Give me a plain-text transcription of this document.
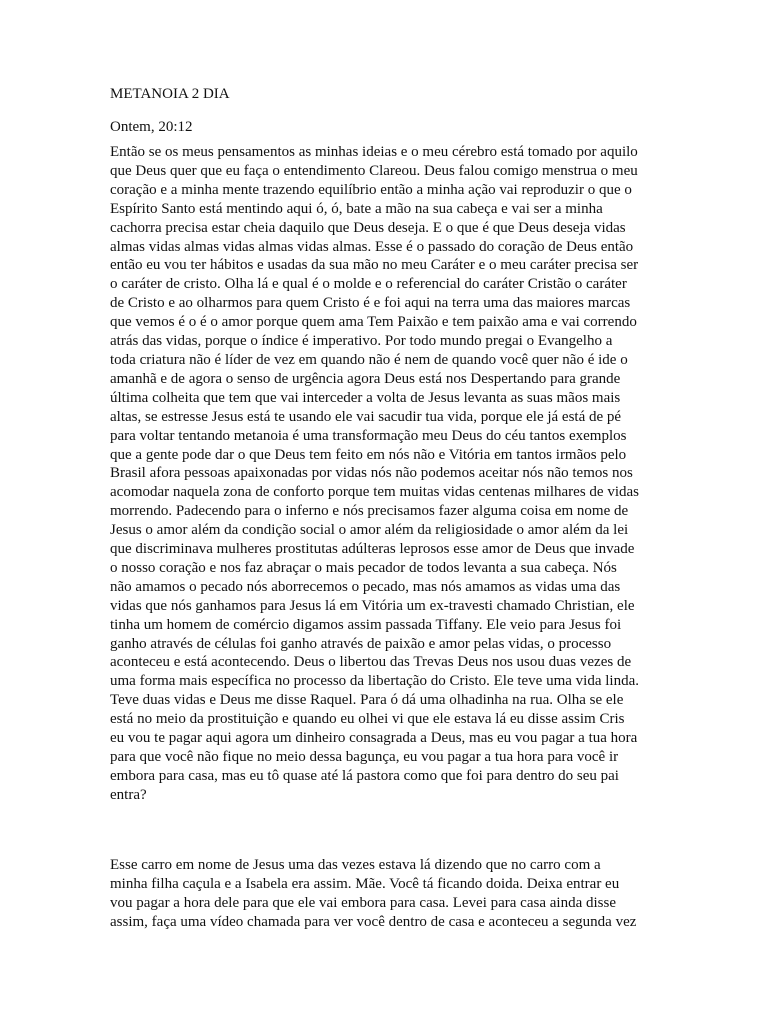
METANOIA 2 DIA
Ontem, 20:12
Então se os meus pensamentos as minhas ideias e o meu cérebro está tomado por aquilo
que Deus quer que eu faça o entendimento Clareou. Deus falou comigo menstrua o meu
coração e a minha mente trazendo equilíbrio então a minha ação vai reproduzir o que o
Espírito Santo está mentindo aqui ó, ó, bate a mão na sua cabeça e vai ser a minha
cachorra precisa estar cheia daquilo que Deus deseja. E o que é que Deus deseja vidas
almas vidas almas vidas almas vidas almas. Esse é o passado do coração de Deus então
então eu vou ter hábitos e usadas da sua mão no meu Caráter e o meu caráter precisa ser
o caráter de cristo. Olha lá e qual é o molde e o referencial do caráter Cristão o caráter
de Cristo e ao olharmos para quem Cristo é e foi aqui na terra uma das maiores marcas
que vemos é o é o amor porque quem ama Tem Paixão e tem paixão ama e vai correndo
atrás das vidas, porque o índice é imperativo. Por todo mundo pregai o Evangelho a
toda criatura não é líder de vez em quando não é nem de quando você quer não é ide o
amanhã e de agora o senso de urgência agora Deus está nos Despertando para grande
última colheita que tem que vai interceder a volta de Jesus levanta as suas mãos mais
altas, se estresse Jesus está te usando ele vai sacudir tua vida, porque ele já está de pé
para voltar tentando metanoia é uma transformação meu Deus do céu tantos exemplos
que a gente pode dar o que Deus tem feito em nós não e Vitória em tantos irmãos pelo
Brasil afora pessoas apaixonadas por vidas nós não podemos aceitar nós não temos nos
acomodar naquela zona de conforto porque tem muitas vidas centenas milhares de vidas
morrendo. Padecendo para o inferno e nós precisamos fazer alguma coisa em nome de
Jesus o amor além da condição social o amor além da religiosidade o amor além da lei
que discriminava mulheres prostitutas adúlteras leprosos esse amor de Deus que invade
o nosso coração e nos faz abraçar o mais pecador de todos levanta a sua cabeça. Nós
não amamos o pecado nós aborrecemos o pecado, mas nós amamos as vidas uma das
vidas que nós ganhamos para Jesus lá em Vitória um ex-travesti chamado Christian, ele
tinha um homem de comércio digamos assim passada Tiffany. Ele veio para Jesus foi
ganho através de células foi ganho através de paixão e amor pelas vidas, o processo
aconteceu e está acontecendo. Deus o libertou das Trevas Deus nos usou duas vezes de
uma forma mais específica no processo da libertação do Cristo. Ele teve uma vida linda.
Teve duas vidas e Deus me disse Raquel. Para ó dá uma olhadinha na rua. Olha se ele
está no meio da prostituição e quando eu olhei vi que ele estava lá eu disse assim Cris
eu vou te pagar aqui agora um dinheiro consagrada a Deus, mas eu vou pagar a tua hora
para que você não fique no meio dessa bagunça, eu vou pagar a tua hora para você ir
embora para casa, mas eu tô quase até lá pastora como que foi para dentro do seu pai
entra?
Esse carro em nome de Jesus uma das vezes estava lá dizendo que no carro com a
minha filha caçula e a Isabela era assim. Mãe. Você tá ficando doida. Deixa entrar eu
vou pagar a hora dele para que ele vai embora para casa. Levei para casa ainda disse
assim, faça uma vídeo chamada para ver você dentro de casa e aconteceu a segunda vez
